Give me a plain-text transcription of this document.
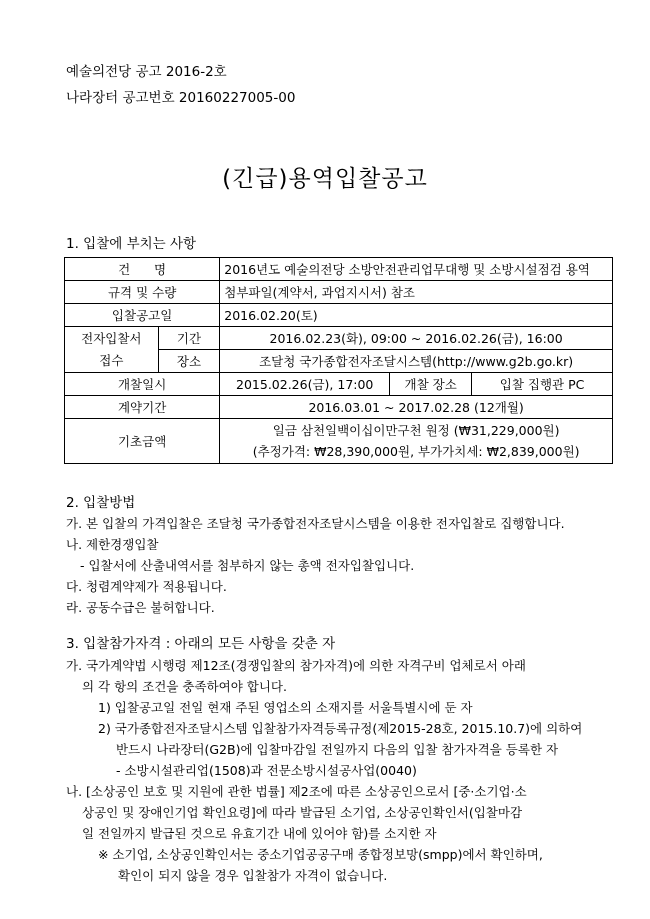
예술의전당 공고 2016-2호
나라장터 공고번호 20160227005-00
(긴급)용역입찰공고
1. 입찰에 부치는 사항
건      명		2016년도 예술의전당 소방안전관리업무대행 및 소방시설점검 용역		
규격 및 수량		첨부파일(계약서, 과업지시서) 참조		
입찰공고일		2016.02.20(토)		

전자입찰서
접수	기간	2016.02.23(화), 09:00 ~ 2016.02.26(금), 16:00		
	장소	조달청 국가종합전자조달시스템(http://www.g2b.go.kr)		
개찰일시		2015.02.26(금), 17:00	개찰 장소	입찰 집행관 PC
계약기간		2016.03.01 ~ 2017.02.28 (12개월)		
기초금액		일금 삼천일백이십이만구천 원정 (₩31,229,000원)
(추정가격: ₩28,390,000원, 부가가치세: ₩2,839,000원)		
2. 입찰방법
가. 본 입찰의 가격입찰은 조달청 국가종합전자조달시스템을 이용한 전자입찰로 집행합니다.
나. 제한경쟁입찰
- 입찰서에 산출내역서를 첨부하지 않는 총액 전자입찰입니다.
다. 청렴계약제가 적용됩니다.
라. 공동수급은 불허합니다.
3. 입찰참가자격 : 아래의 모든 사항을 갖춘 자
가. 국가계약법 시행령 제12조(경쟁입찰의 참가자격)에 의한 자격구비 업체로서 아래
의 각 항의 조건을 충족하여야 합니다.
1) 입찰공고일 전일 현재 주된 영업소의 소재지를 서울특별시에 둔 자
2) 국가종합전자조달시스템 입찰참가자격등록규정(제2015-28호, 2015.10.7)에 의하여
반드시 나라장터(G2B)에 입찰마감일 전일까지 다음의 입찰 참가자격을 등록한 자
- 소방시설관리업(1508)과 전문소방시설공사업(0040)
나. [소상공인 보호 및 지원에 관한 법률] 제2조에 따른 소상공인으로서 [중·소기업·소
상공인 및 장애인기업 확인요령]에 따라 발급된 소기업, 소상공인확인서(입찰마감
일 전일까지 발급된 것으로 유효기간 내에 있어야 함)를 소지한 자
※ 소기업, 소상공인확인서는 중소기업공공구매 종합정보망(smpp)에서 확인하며,
확인이 되지 않을 경우 입찰참가 자격이 없습니다.
